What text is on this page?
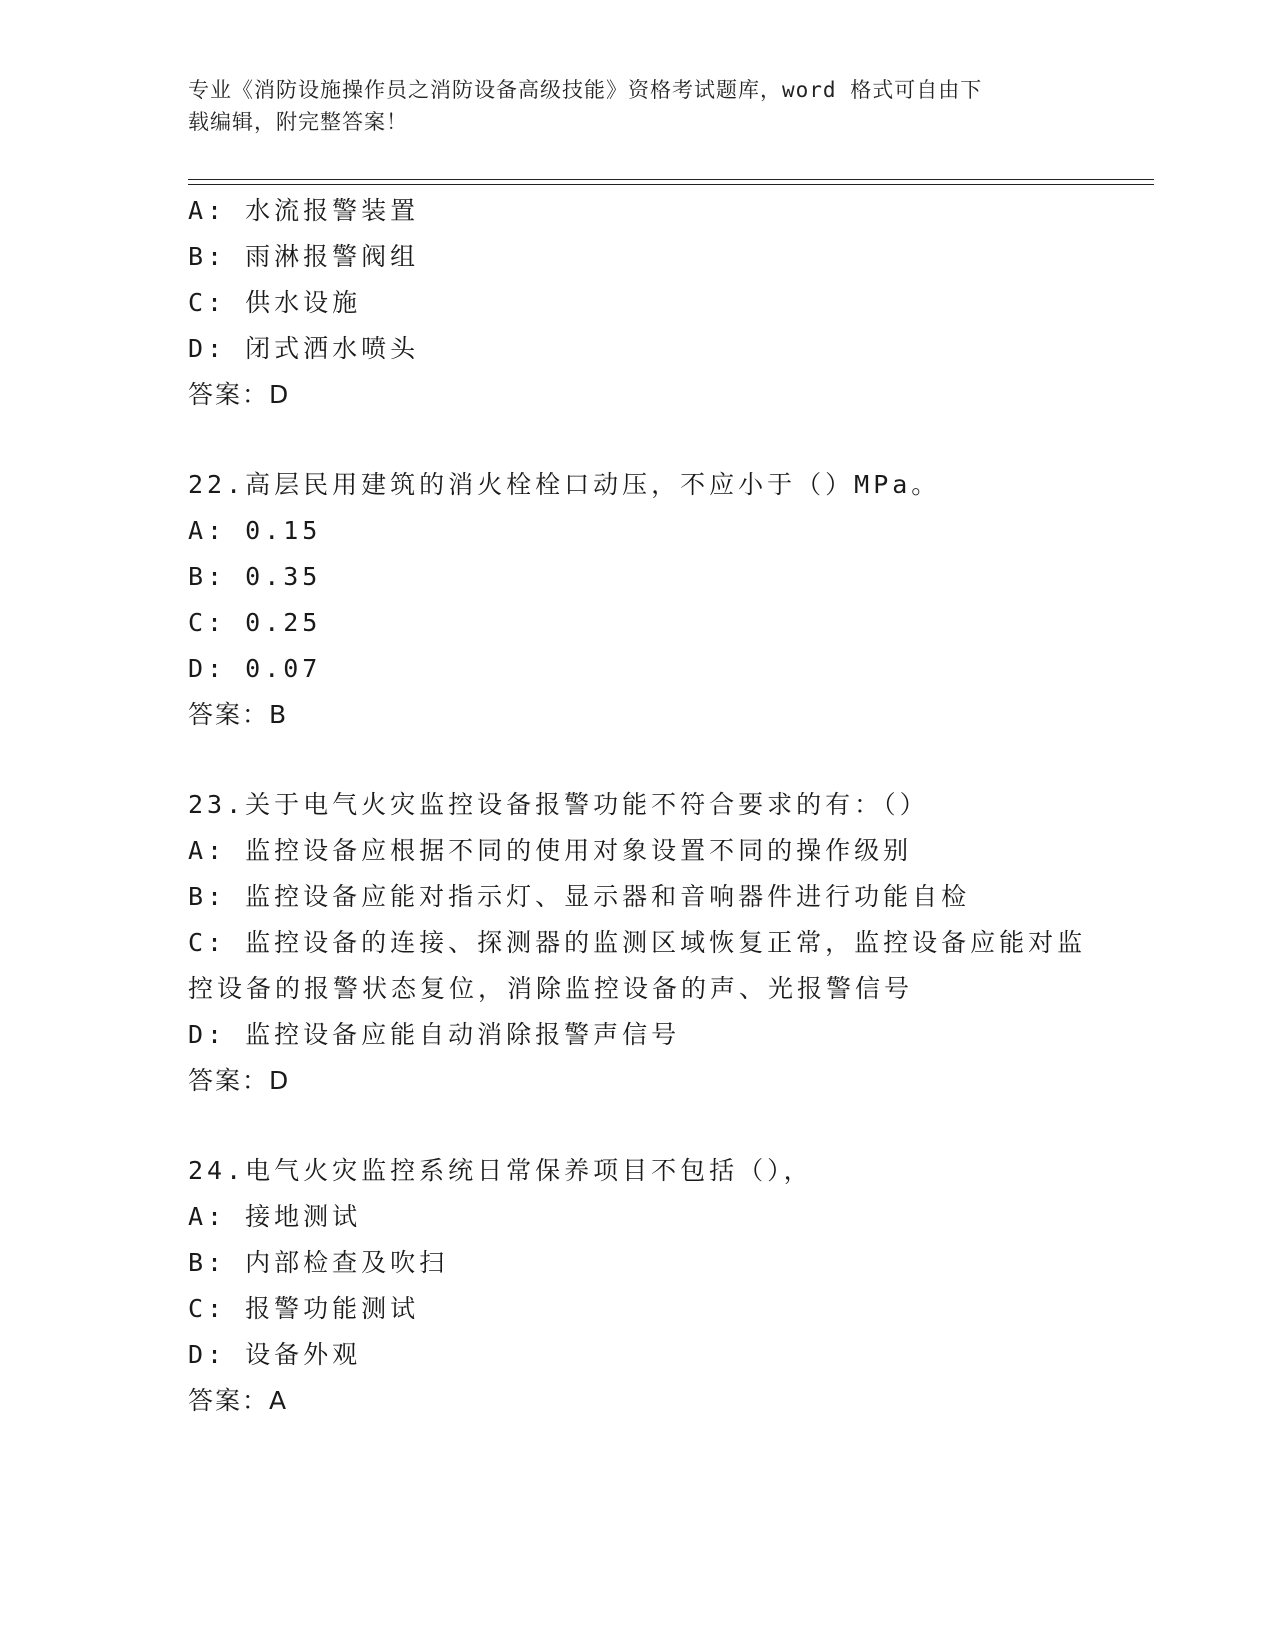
专业《消防设施操作员之消防设备高级技能》资格考试题库，word 格式可自由下
载编辑，附完整答案！
A: 水流报警装置
B: 雨淋报警阀组
C: 供水设施
D: 闭式洒水喷头
答案：D
22.高层民用建筑的消火栓栓口动压，不应小于（）MPa。
A: 0.15
B: 0.35
C: 0.25
D: 0.07
答案：B
23.关于电气火灾监控设备报警功能不符合要求的有：（）
A: 监控设备应根据不同的使用对象设置不同的操作级别
B: 监控设备应能对指示灯、显示器和音响器件进行功能自检
C: 监控设备的连接、探测器的监测区域恢复正常，监控设备应能对监
控设备的报警状态复位，消除监控设备的声、光报警信号
D: 监控设备应能自动消除报警声信号
答案：D
24.电气火灾监控系统日常保养项目不包括（），
A: 接地测试
B: 内部检查及吹扫
C: 报警功能测试
D: 设备外观
答案：A
